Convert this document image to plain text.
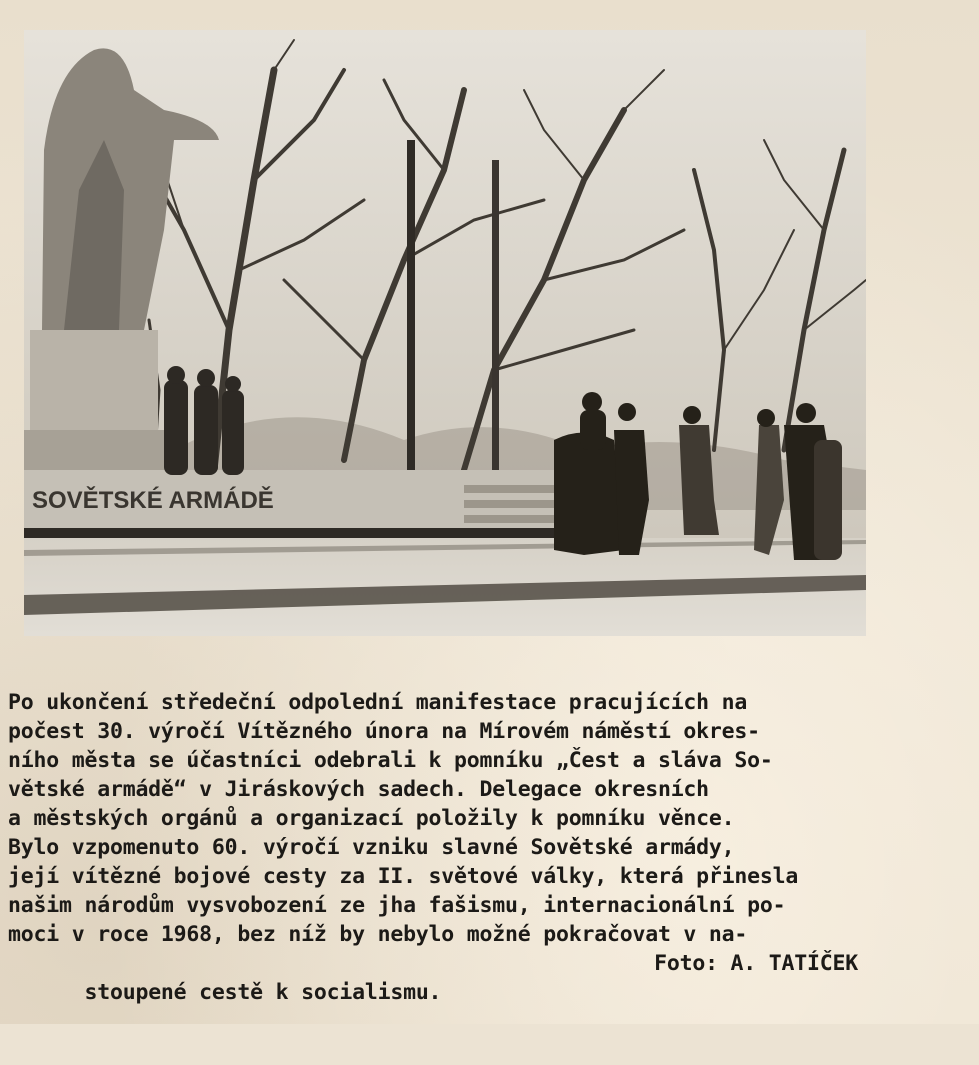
SOVĚTSKÉ ARMÁDĚ
Po ukončení středeční odpolední manifestace pracujících na
počest 30. výročí Vítězného února na Mírovém náměstí okres-
ního města se účastníci odebrali k pomníku „Čest a sláva So-
větské armádě“ v Jiráskových sadech. Delegace okresních
a městských orgánů a organizací položily k pomníku věnce.
Bylo vzpomenuto 60. výročí vzniku slavné Sovětské armády,
její vítězné bojové cesty za II. světové války, která přinesla
našim národům vysvobození ze jha fašismu, internacionální po-
moci v roce 1968, bez níž by nebylo možné pokračovat v na-

stoupené cestě k socialismu.

Foto: A. TATÍČEK
